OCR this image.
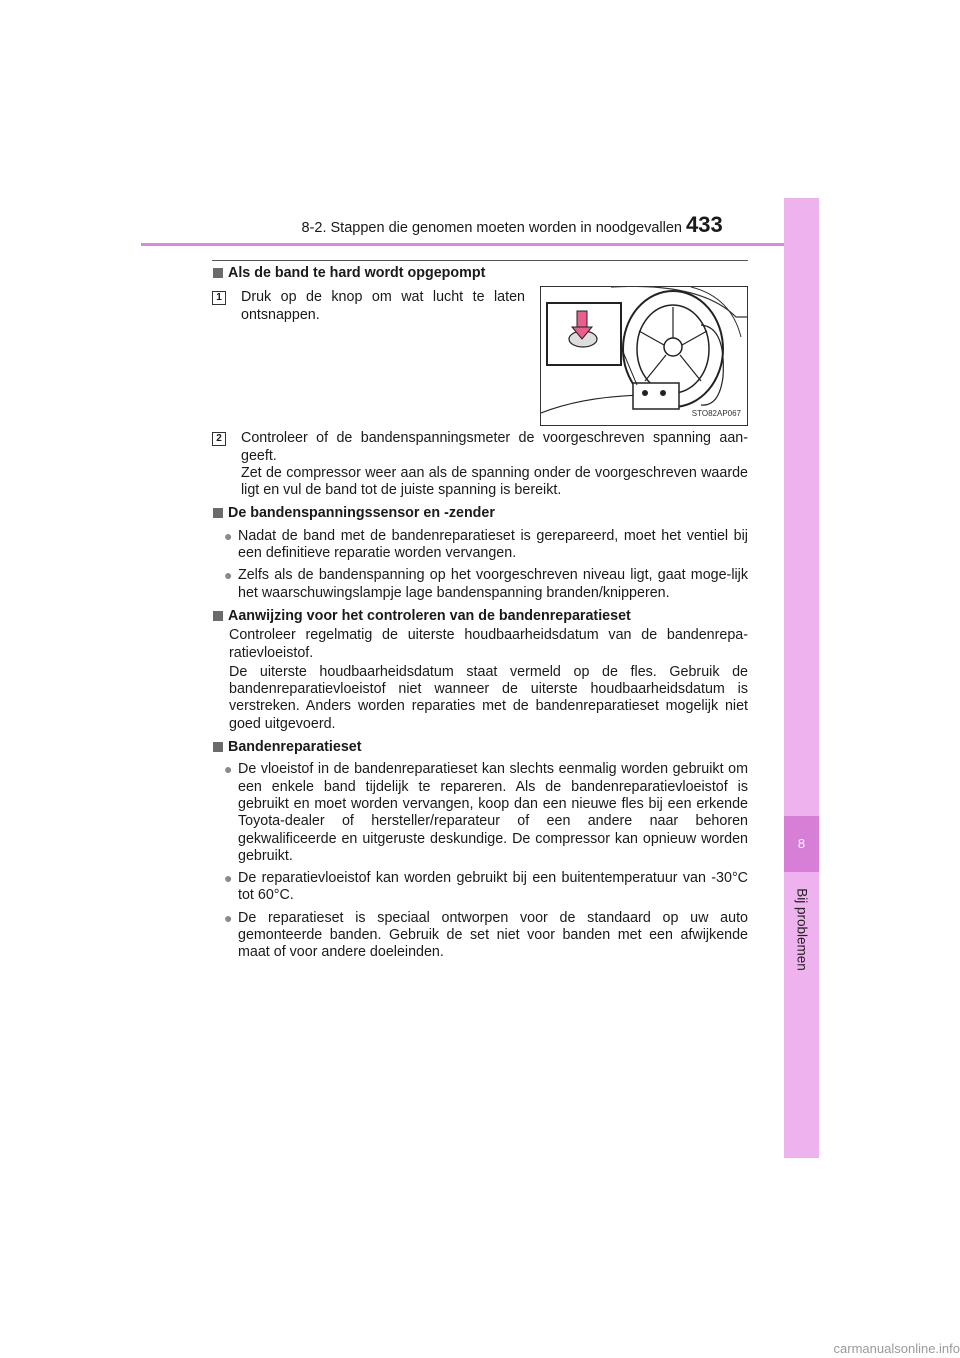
8-2. Stappen die genomen moeten worden in noodgevallen 433
8
Bij problemen
Als de band te hard wordt opgepompt
1 Druk op de knop om wat lucht te laten ontsnappen.
STO82AP067
2 Controleer of de bandenspanningsmeter de voorgeschreven spanning aan-geeft.
Zet de compressor weer aan als de spanning onder de voorgeschreven waarde ligt en vul de band tot de juiste spanning is bereikt.
De bandenspanningssensor en -zender
● Nadat de band met de bandenreparatieset is gerepareerd, moet het ventiel bij een definitieve reparatie worden vervangen.
● Zelfs als de bandenspanning op het voorgeschreven niveau ligt, gaat moge-lijk het waarschuwingslampje lage bandenspanning branden/knipperen.
Aanwijzing voor het controleren van de bandenreparatieset
Controleer regelmatig de uiterste houdbaarheidsdatum van de bandenrepa-ratievloeistof.
De uiterste houdbaarheidsdatum staat vermeld op de fles. Gebruik de bandenreparatievloeistof niet wanneer de uiterste houdbaarheidsdatum is verstreken. Anders worden reparaties met de bandenreparatieset mogelijk niet goed uitgevoerd.
Bandenreparatieset
● De vloeistof in de bandenreparatieset kan slechts eenmalig worden gebruikt om een enkele band tijdelijk te repareren. Als de bandenreparatievloeistof is gebruikt en moet worden vervangen, koop dan een nieuwe fles bij een erkende Toyota-dealer of hersteller/reparateur of een andere naar behoren gekwalificeerde en uitgeruste deskundige. De compressor kan opnieuw worden gebruikt.
● De reparatievloeistof kan worden gebruikt bij een buitentemperatuur van -30°C tot 60°C.
● De reparatieset is speciaal ontworpen voor de standaard op uw auto gemonteerde banden. Gebruik de set niet voor banden met een afwijkende maat of voor andere doeleinden.
carmanualsonline.info
